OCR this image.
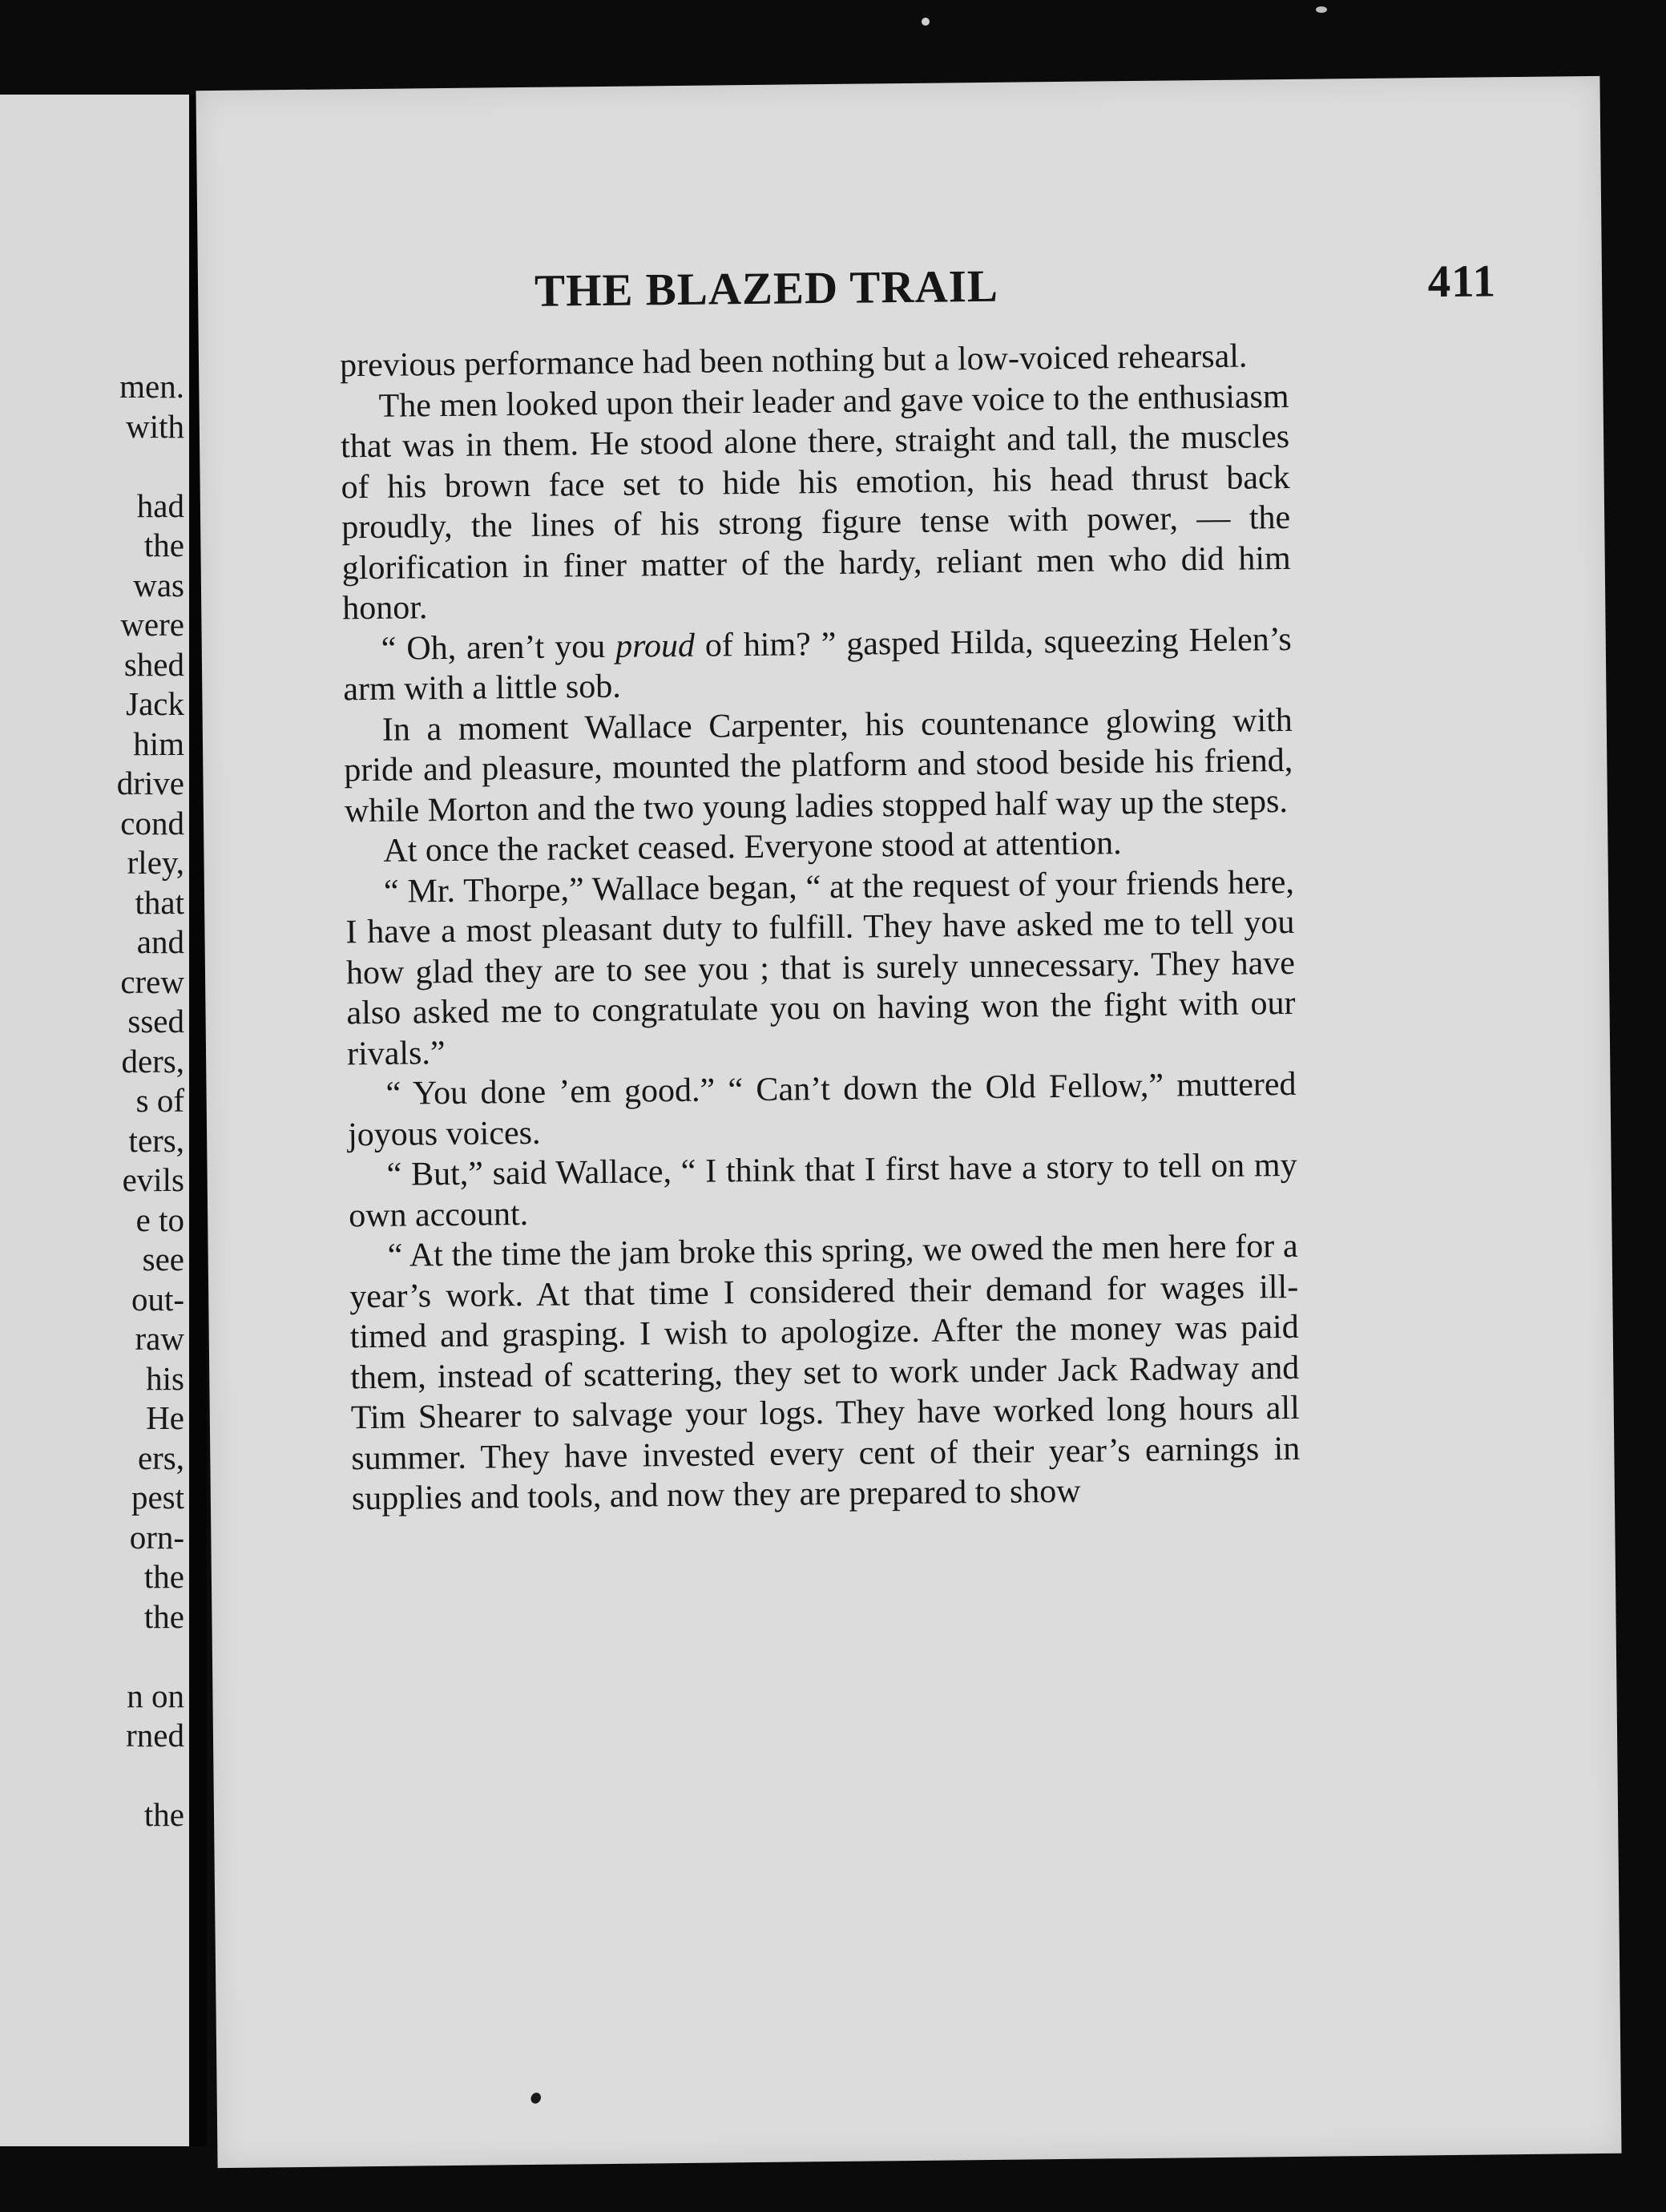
men.
with
had
the
was
were
shed
Jack
him
drive
cond
rley,
that
and
crew
ssed
ders,
s of
ters,
evils
e to
see
out-
raw
his
He
ers,
pest
orn-
the
the
n on
rned
the
THE BLAZED TRAIL	411

previous performance had been nothing but a low-voiced rehearsal.

The men looked upon their leader and gave voice to the enthusiasm that was in them. He stood alone there, straight and tall, the muscles of his brown face set to hide his emotion, his head thrust back proudly, the lines of his strong figure tense with power, — the glorification in finer matter of the hardy, reliant men who did him honor.

“ Oh, aren’t you proud of him? ” gasped Hilda, squeezing Helen’s arm with a little sob.

In a moment Wallace Carpenter, his countenance glowing with pride and pleasure, mounted the platform and stood beside his friend, while Morton and the two young ladies stopped half way up the steps.

At once the racket ceased. Everyone stood at attention.

“ Mr. Thorpe,” Wallace began, “ at the request of your friends here, I have a most pleasant duty to fulfill. They have asked me to tell you how glad they are to see you ; that is surely unnecessary. They have also asked me to congratulate you on having won the fight with our rivals.”

“ You done ’em good.” “ Can’t down the Old Fellow,” muttered joyous voices.

“ But,” said Wallace, “ I think that I first have a story to tell on my own account.

“ At the time the jam broke this spring, we owed the men here for a year’s work. At that time I considered their demand for wages ill-timed and grasping. I wish to apologize. After the money was paid them, instead of scattering, they set to work under Jack Radway and Tim Shearer to salvage your logs. They have worked long hours all summer. They have invested every cent of their year’s earnings in supplies and tools, and now they are prepared to show
